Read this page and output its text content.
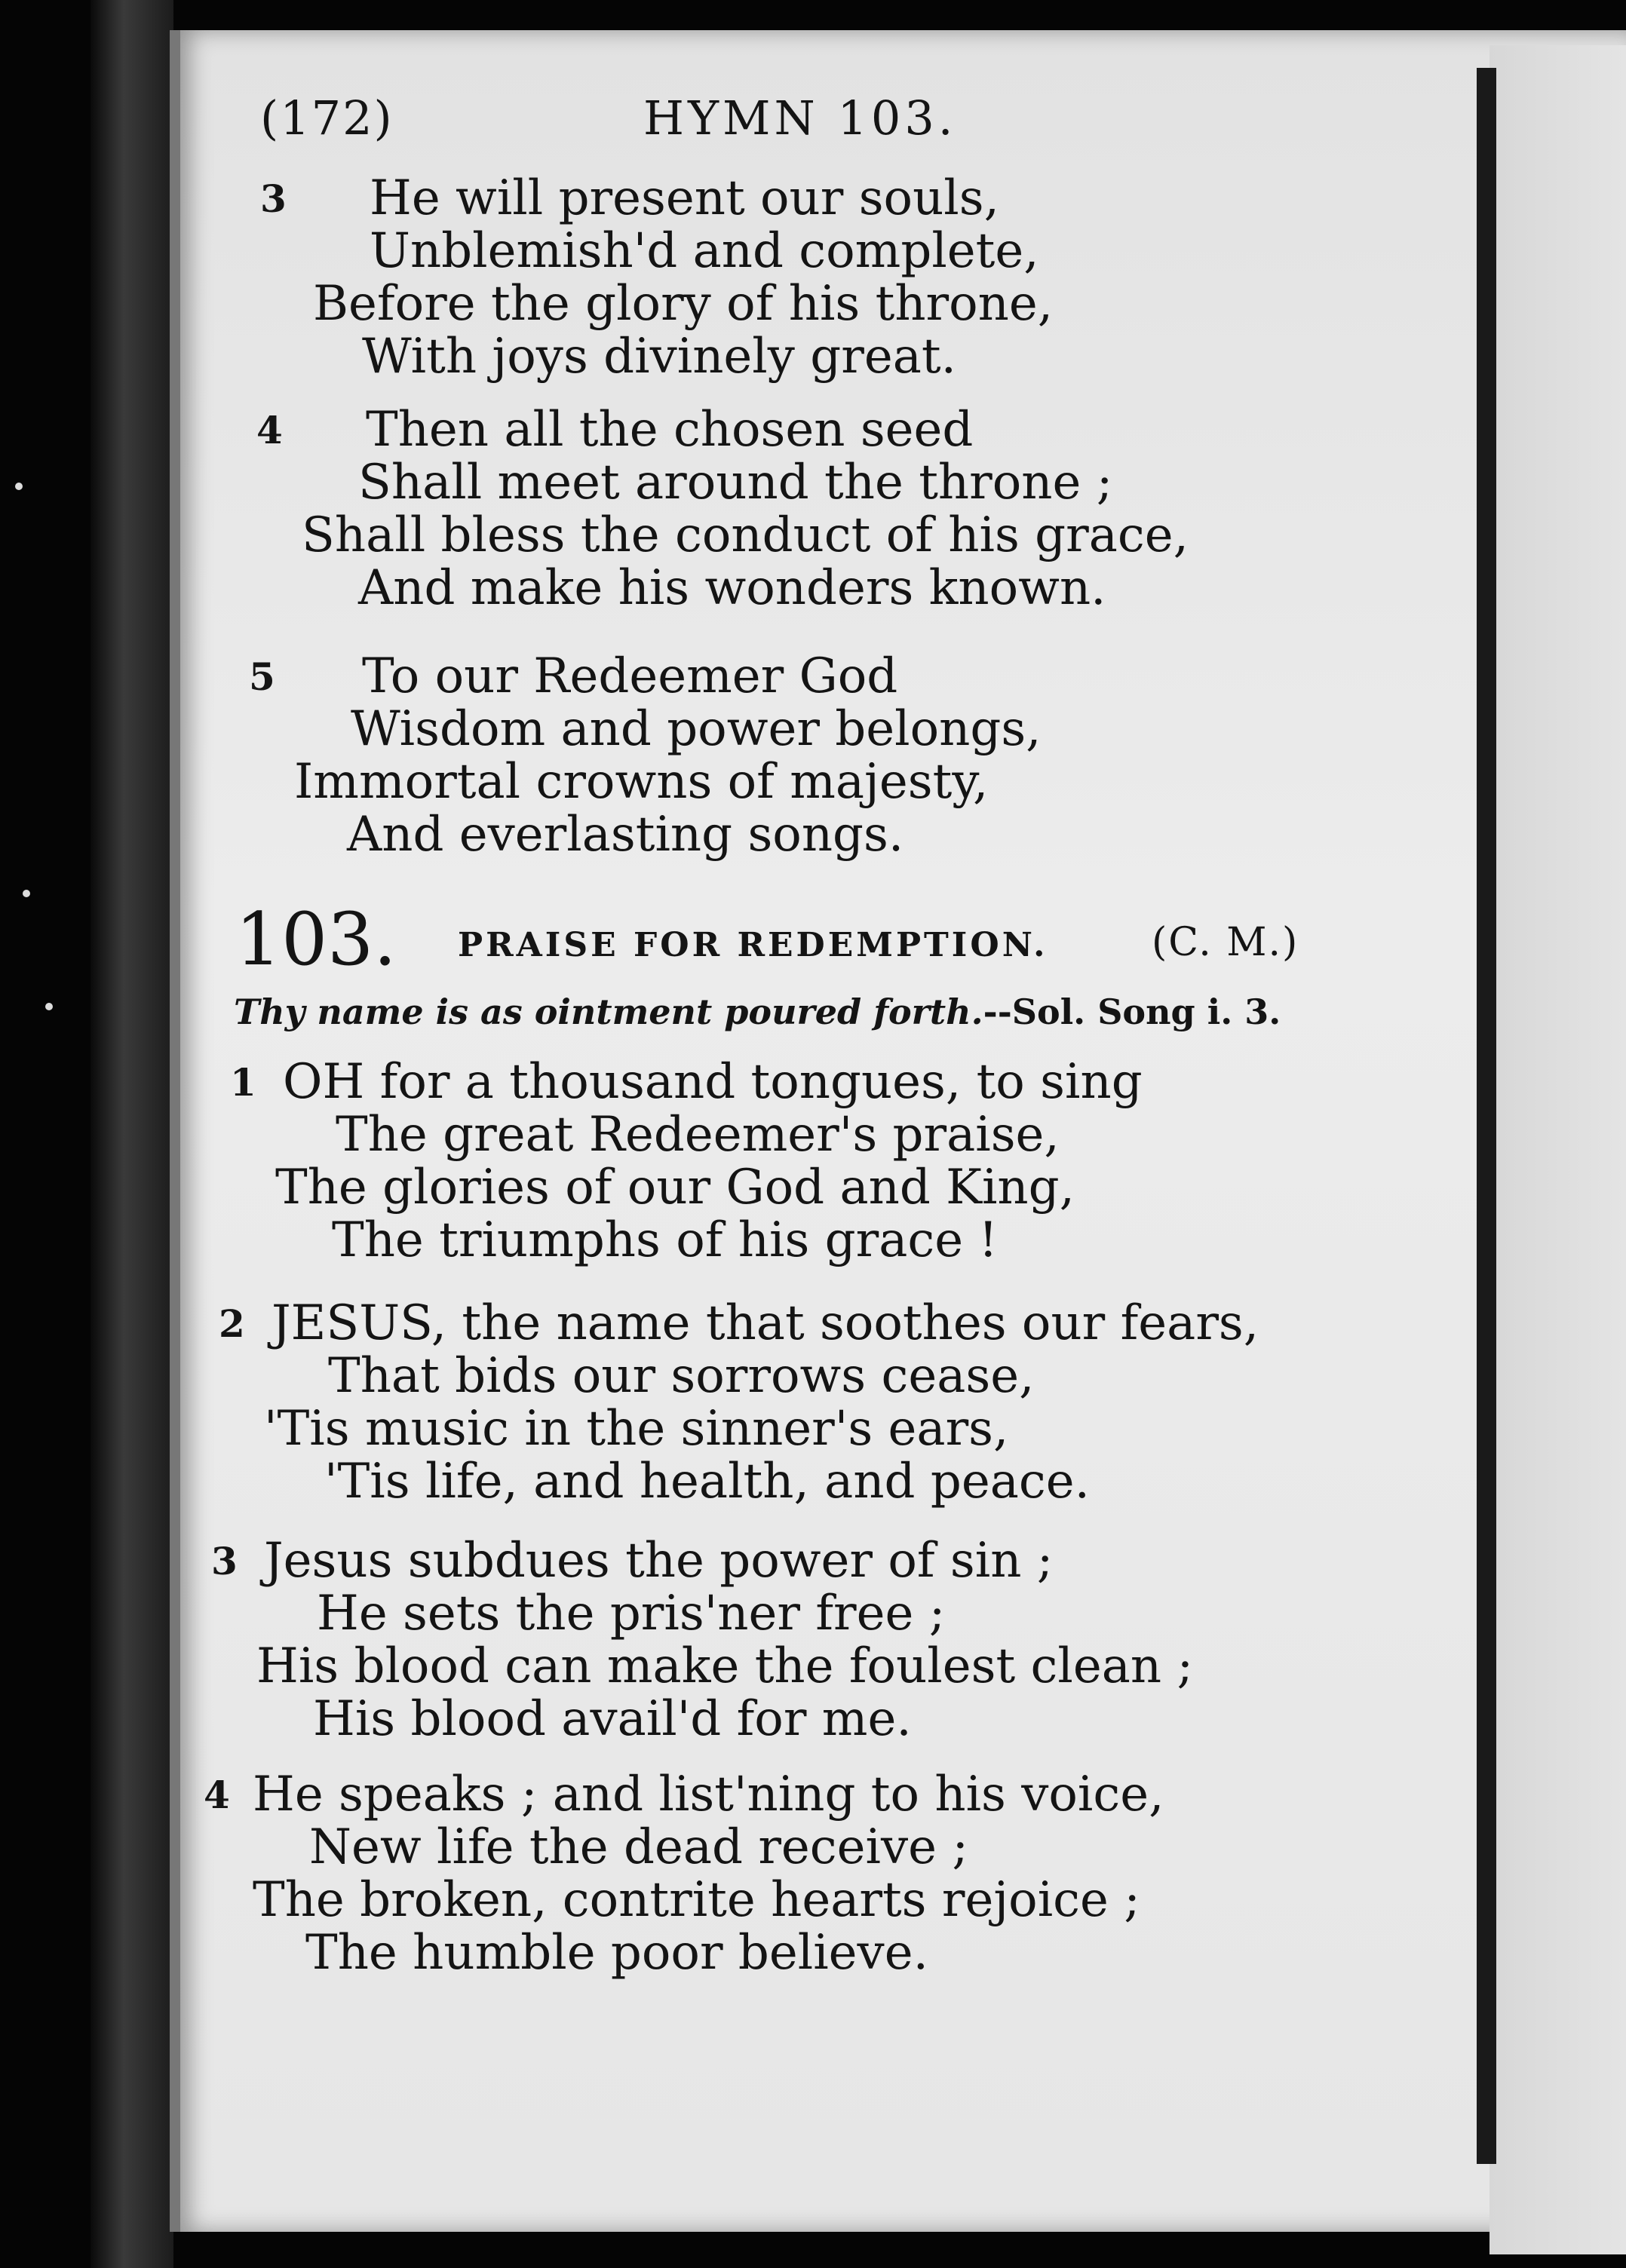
(172)	HYMN 103.
3 He will present our souls,
Unblemish'd and complete,
Before the glory of his throne,
With joys divinely great.
4 Then all the chosen seed
Shall meet around the throne ;
Shall bless the conduct of his grace,
And make his wonders known.
5 To our Redeemer God
Wisdom and power belongs,
Immortal crowns of majesty,
And everlasting songs.
103. PRAISE FOR REDEMPTION.	(C. M.)
Thy name is as ointment poured forth.--Sol. Song i. 3.
1 OH for a thousand tongues, to sing
The great Redeemer's praise,
The glories of our God and King,
The triumphs of his grace !
2 JESUS, the name that soothes our fears,
That bids our sorrows cease,
'Tis music in the sinner's ears,
'Tis life, and health, and peace.
3 Jesus subdues the power of sin ;
He sets the pris'ner free ;
His blood can make the foulest clean ;
His blood avail'd for me.
4 He speaks ; and list'ning to his voice,
New life the dead receive ;
The broken, contrite hearts rejoice ;
The humble poor believe.
